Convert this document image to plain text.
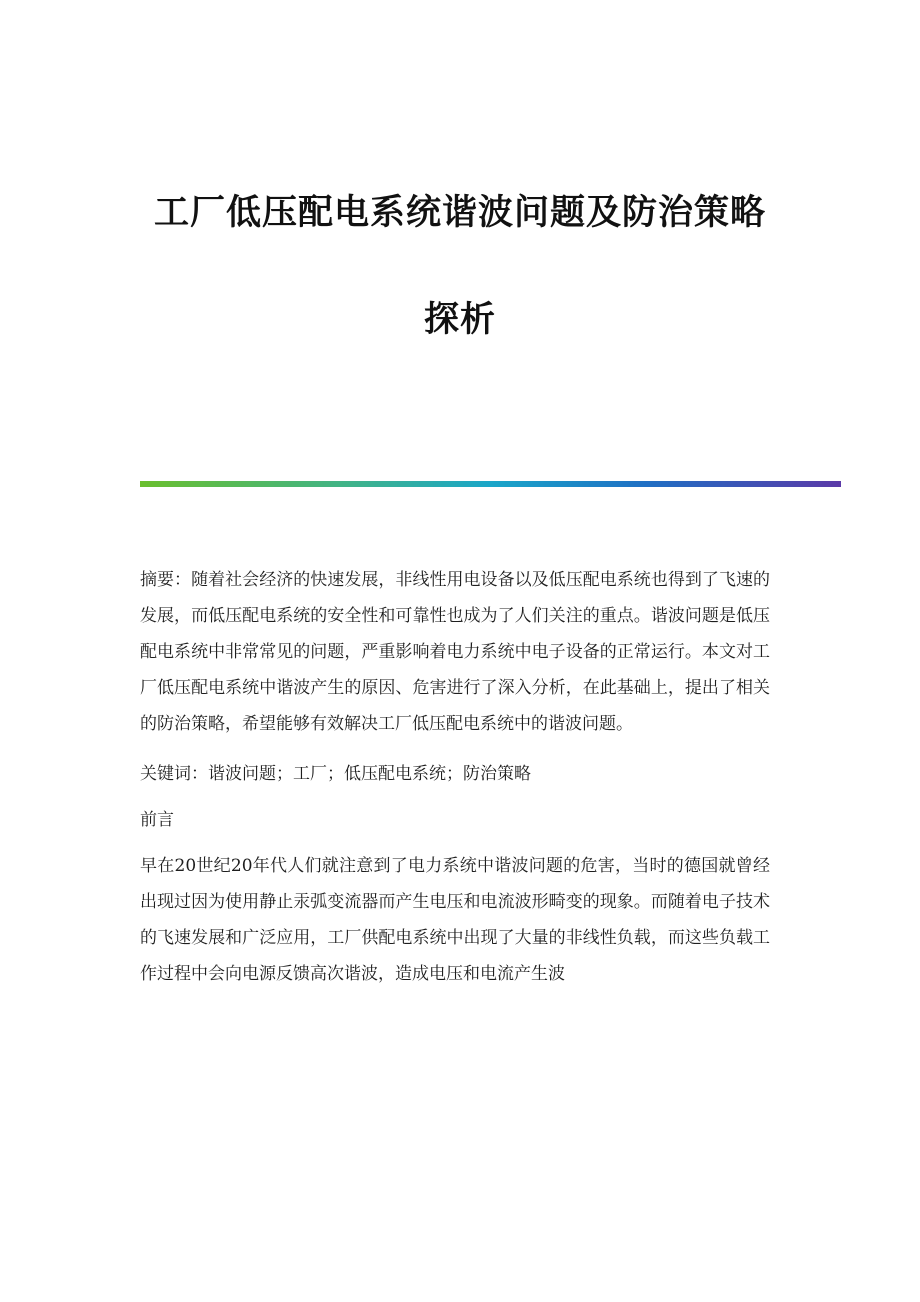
工厂低压配电系统谐波问题及防治策略
探析

摘要：随着社会经济的快速发展，非线性用电设备以及低压配电系统也得到了飞速的发展，而低压配电系统的安全性和可靠性也成为了人们关注的重点。谐波问题是低压配电系统中非常常见的问题，严重影响着电力系统中电子设备的正常运行。本文对工厂低压配电系统中谐波产生的原因、危害进行了深入分析，在此基础上，提出了相关的防治策略，希望能够有效解决工厂低压配电系统中的谐波问题。

关键词：谐波问题；工厂；低压配电系统；防治策略

前言

早在20世纪20年代人们就注意到了电力系统中谐波问题的危害，当时的德国就曾经出现过因为使用静止汞弧变流器而产生电压和电流波形畸变的现象。而随着电子技术的飞速发展和广泛应用，工厂供配电系统中出现了大量的非线性负载，而这些负载工作过程中会向电源反馈高次谐波，造成电压和电流产生波
